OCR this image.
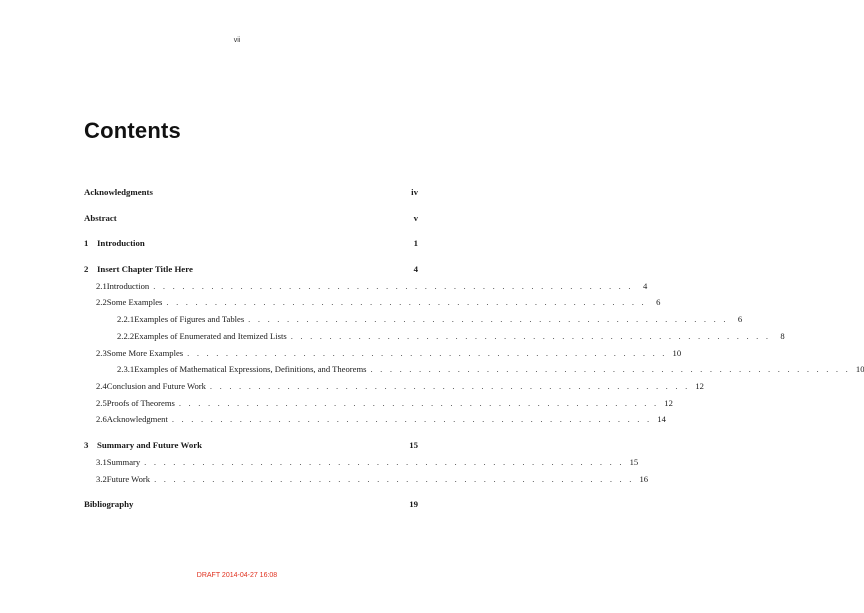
vii
Contents
Acknowledgments	iv
Abstract	v
1 Introduction	1
2 Insert Chapter Title Here	4
2.1 Introduction . . . . . . . . . . . . . . . . . . . . . . . . . . . . . . . . . . . . . . . . . . . . . . . . . .	4
2.2 Some Examples . . . . . . . . . . . . . . . . . . . . . . . . . . . . . . . . . . . . . . . . . . . . . . . . . .	6
2.2.1 Examples of Figures and Tables . . . . . . . . . . . . . . . . . . . . . . . . . . . . . . . . . . . . . . . . . . . . . . . . . .	6
2.2.2 Examples of Enumerated and Itemized Lists . . . . . . . . . . . . . . . . . . . . . . . . . . . . . . . . . . . . . . . . . . . . . . . . . .	8
2.3 Some More Examples . . . . . . . . . . . . . . . . . . . . . . . . . . . . . . . . . . . . . . . . . . . . . . . . . . 10
2.3.1 Examples of Mathematical Expressions, Definitions, and Theorems . . . . . . . . . . . . . . . . . . . . . . . . . . . . . . . . . . . . . . . . . . . . . . . . . . 10
2.4 Conclusion and Future Work . . . . . . . . . . . . . . . . . . . . . . . . . . . . . . . . . . . . . . . . . . . . . . . . . . 12
2.5 Proofs of Theorems . . . . . . . . . . . . . . . . . . . . . . . . . . . . . . . . . . . . . . . . . . . . . . . . . . 12
2.6 Acknowledgment . . . . . . . . . . . . . . . . . . . . . . . . . . . . . . . . . . . . . . . . . . . . . . . . . . 14
3 Summary and Future Work	15
3.1 Summary . . . . . . . . . . . . . . . . . . . . . . . . . . . . . . . . . . . . . . . . . . . . . . . . . . 15
3.2 Future Work . . . . . . . . . . . . . . . . . . . . . . . . . . . . . . . . . . . . . . . . . . . . . . . . . . 16
Bibliography	19
DRAFT 2014-04-27 16:08
